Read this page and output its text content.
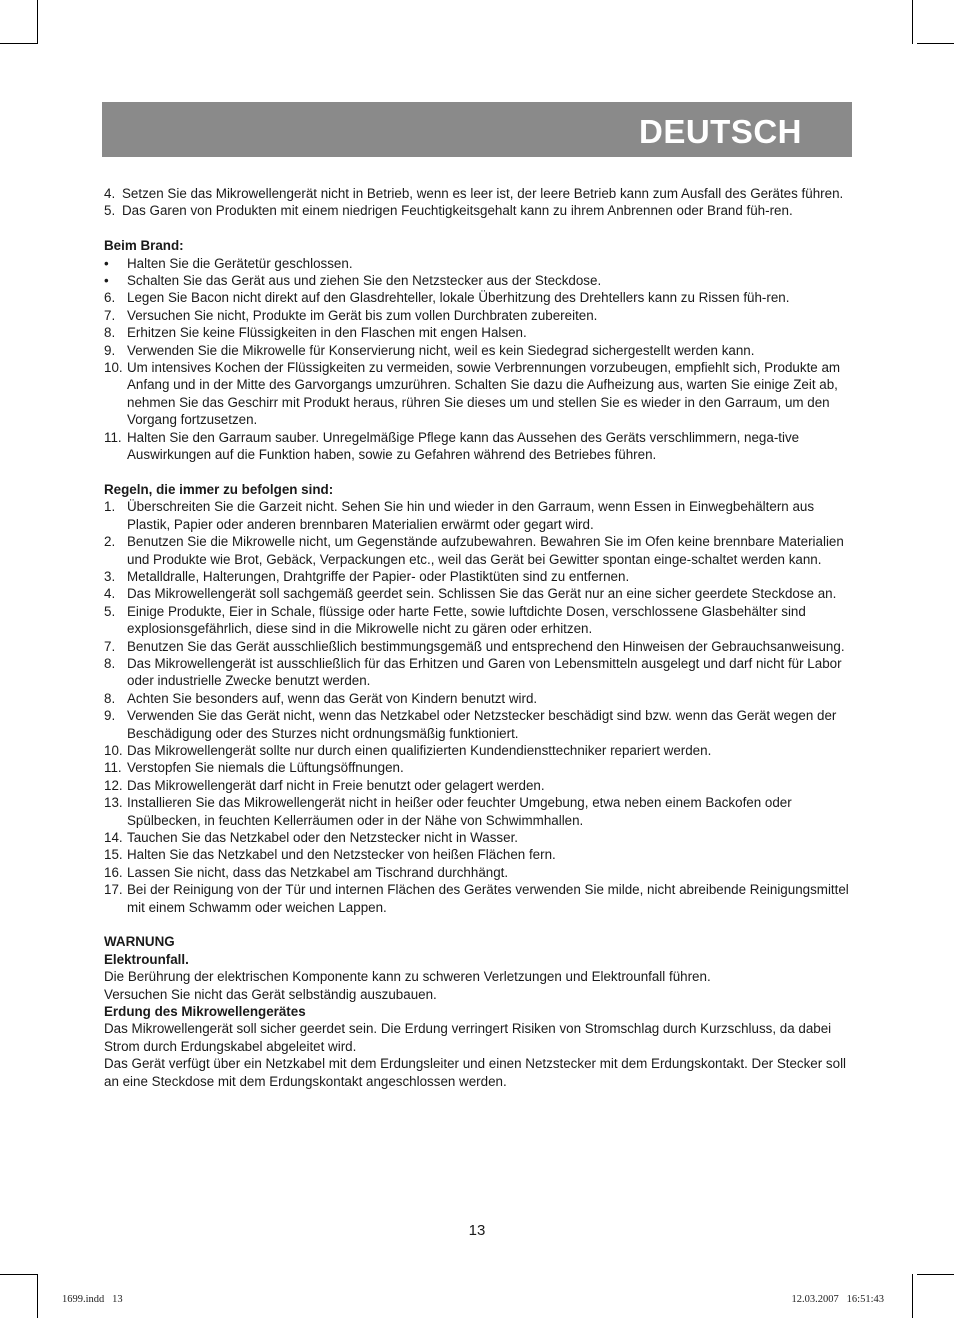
DEUTSCH
4. Setzen Sie das Mikrowellengerät nicht in Betrieb, wenn es leer ist, der leere Betrieb kann zum Ausfall des Gerätes führen.
5. Das Garen von Produkten mit einem niedrigen Feuchtigkeitsgehalt kann zu ihrem Anbrennen oder Brand füh-ren.
Beim Brand:
• Halten Sie die Gerätetür geschlossen.
• Schalten Sie das Gerät aus und ziehen Sie den Netzstecker aus der Steckdose.
6. Legen Sie Bacon nicht direkt auf den Glasdrehteller, lokale Überhitzung des Drehtellers kann zu Rissen füh-ren.
7. Versuchen Sie nicht, Produkte im Gerät bis zum vollen Durchbraten zubereiten.
8. Erhitzen Sie keine Flüssigkeiten in den Flaschen mit engen Halsen.
9. Verwenden Sie die Mikrowelle für Konservierung nicht, weil es kein Siedegrad sichergestellt werden kann.
10. Um intensives Kochen der Flüssigkeiten zu vermeiden, sowie Verbrennungen vorzubeugen, empfiehlt sich, Produkte am Anfang und in der Mitte des Garvorgangs umzurühren. Schalten Sie dazu die Aufheizung aus, warten Sie einige Zeit ab, nehmen Sie das Geschirr mit Produkt heraus, rühren Sie dieses um und stellen Sie es wieder in den Garraum, um den Vorgang fortzusetzen.
11. Halten Sie den Garraum sauber. Unregelmäßige Pflege kann das Aussehen des Geräts verschlimmern, nega-tive Auswirkungen auf die Funktion haben, sowie zu Gefahren während des Betriebes führen.
Regeln, die immer zu befolgen sind:
1. Überschreiten Sie die Garzeit nicht. Sehen Sie hin und wieder in den Garraum, wenn Essen in Einwegbehältern aus Plastik, Papier oder anderen brennbaren Materialien erwärmt oder gegart wird.
2. Benutzen Sie die Mikrowelle nicht, um Gegenstände aufzubewahren. Bewahren Sie im Ofen keine brennbare Materialien und Produkte wie Brot, Gebäck, Verpackungen etc., weil das Gerät bei Gewitter spontan einge-schaltet werden kann.
3. Metalldralle, Halterungen, Drahtgriffe der Papier- oder Plastiktüten sind zu entfernen.
4. Das Mikrowellengerät soll sachgemäß geerdet sein. Schlissen Sie das Gerät nur an eine sicher geerdete Steckdose an.
5. Einige Produkte, Eier in Schale, flüssige oder harte Fette, sowie luftdichte Dosen, verschlossene Glasbehälter sind explosionsgefährlich, diese sind in die Mikrowelle nicht zu gären oder erhitzen.
7. Benutzen Sie das Gerät ausschließlich bestimmungsgemäß und entsprechend den Hinweisen der Gebrauchsanweisung.
8. Das Mikrowellengerät ist ausschließlich für das Erhitzen und Garen von Lebensmitteln ausgelegt und darf nicht für Labor oder industrielle Zwecke benutzt werden.
8. Achten Sie besonders auf, wenn das Gerät von Kindern benutzt wird.
9. Verwenden Sie das Gerät nicht, wenn das Netzkabel oder Netzstecker beschädigt sind bzw. wenn das Gerät wegen der Beschädigung oder des Sturzes nicht ordnungsmäßig funktioniert.
10. Das Mikrowellengerät sollte nur durch einen qualifizierten Kundendiensttechniker repariert werden.
11. Verstopfen Sie niemals die Lüftungsöffnungen.
12. Das Mikrowellengerät darf nicht in Freie benutzt oder gelagert werden.
13. Installieren Sie das Mikrowellengerät nicht in heißer oder feuchter Umgebung, etwa neben einem Backofen oder Spülbecken, in feuchten Kellerräumen oder in der Nähe von Schwimmhallen.
14. Tauchen Sie das Netzkabel oder den Netzstecker nicht in Wasser.
15. Halten Sie das Netzkabel und den Netzstecker von heißen Flächen fern.
16. Lassen Sie nicht, dass das Netzkabel am Tischrand durchhängt.
17. Bei der Reinigung von der Tür und internen Flächen des Gerätes verwenden Sie milde, nicht abreibende Reinigungsmittel mit einem Schwamm oder weichen Lappen.
WARNUNG
Elektrounfall.
Die Berührung der elektrischen Komponente kann zu schweren Verletzungen und Elektrounfall führen.
Versuchen Sie nicht das Gerät selbständig auszubauen.
Erdung des Mikrowellengerätes
Das Mikrowellengerät soll sicher geerdet sein. Die Erdung verringert Risiken von Stromschlag durch Kurzschluss, da dabei Strom durch Erdungskabel abgeleitet wird.
Das Gerät verfügt über ein Netzkabel mit dem Erdungsleiter und einen Netzstecker mit dem Erdungskontakt. Der Stecker soll an eine Steckdose mit dem Erdungskontakt angeschlossen werden.
13
1699.indd   13	12.03.2007   16:51:43
